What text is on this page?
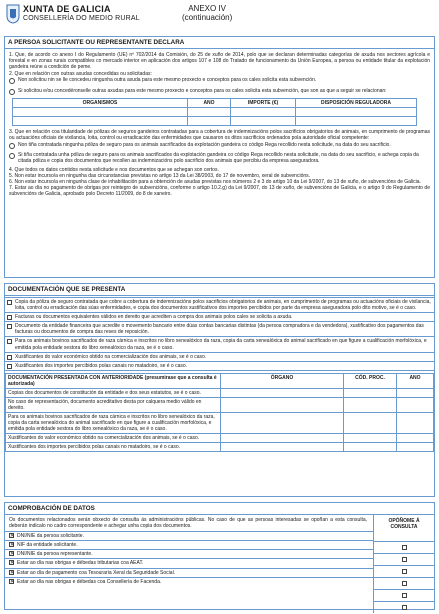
XUNTA DE GALICIA
CONSELLERÍA DO MEDIO RURAL
ANEXO IV
(continuación)
A PERSOA SOLICITANTE OU REPRESENTANTE DECLARA
1. Que, de acordo co anexo I do Regulamento (UE) nº 702/2014 da Comisión, do 25 de xuño de 2014, polo que se declaran determinadas categorías de axuda nos sectores agrícola e forestal e en zonas rurais compatibles co mercado interior en aplicación dos artigos 107 e 108 do Tratado de funcionamento da Unión Europea, a persoa ou entidade titular da explotación gandeira reúne a condición de peme.
2. Que en relación con outras axudas concedidas ou solicitadas:
Non solicitou nin se lle concedeu ningunha outra axuda para este mesmo proxecto e conceptos para os cales solicita esta subvención.
Si solicitou e/ou concedéronselle outras axudas para este mesmo proxecto e conceptos para os cales solicita esta subvención, que son as que a seguir se relacionan:
ORGANISMOS	ANO	IMPORTE (€)	DISPOSICIÓN REGULADORA

3. Que en relación coa titularidade de pólizas de seguros gandeiros contratadas para a cobertura de indemnizacións polos sacrificios obrigatorios de animais, en cumprimento de programas ou actuacións oficiais de vixilancia, loita, control ou erradicación das enfermidades que causaron os ditos sacrificios ordenados pola autoridade oficial competente:
Non tiña contratada ningunha póliza de seguro para os animais sacrificados da explotación gandeira co código Rega recollido nesta solicitude, na data do seu sacrificio.
Si tiña contratada unha póliza de seguro para os animais sacrificados da explotación gandeira co código Rega recollido nesta solicitude, na data do seu sacrificio, e achega copia da citada póliza e copia dos documentos que recollen as indemnizacións polo sacrificio dos animais que percibiu da empresa aseguradora.
4. Que todos os datos contidos nesta solicitude e nos documentos que se achegan son certos.
5. Non estar incurso/a en ningunha das circunstancias previstas no artigo 13 da Lei 38/2003, do 17 de novembro, xeral de subvencións.
6. Non estar incurso/a en ningunha clase de inhabilitación para a obtención de axudas previstas nos números 2 e 3 do artigo 10 da Lei 9/2007, do 13 de xuño, de subvencións de Galicia.
7. Estar ao día no pagamento de obrigas por reintegro de subvencións, conforme o artigo 10.2.g) da Lei 9/2007, do 13 de xuño, de subvencións de Galicia, e o artigo 9 do Regulamento de subvencións de Galicia, aprobado polo Decreto 11/2009, do 8 de xaneiro.
DOCUMENTACIÓN QUE SE PRESENTA
Copia da póliza de seguro contratada que cobre a cobertura de indemnizacións polos sacrificios obrigatorios de animais, en cumprimento de programas ou actuacións oficiais de vixilancia, loita, control ou erradicación das súas enfermidades, e copia dos documentos xustificativos dos importes percibidos por parte da empresa aseguradora polo dito motivo, se é o caso.

Facturas ou documentos equivalentes válidos en dereito que acrediten a compra dos animais polos cales se solicita a axuda.

Documento da entidade financeira que acredite o movemento bancario entre dúas contas bancarias distintas (da persoa compradora e da vendedora), xustificativo dos pagamentos das facturas ou documentos de compra das reses de reposición.

Para os animais bovinos sacrificados de raza cárnica e inscritos no libro xenealóxico da raza, copia da carta xenealóxica do animal sacrificado en que figure a cualificación morfolóxica, e emitida pola entidade xestora do libro xenealóxico da raza, se é o caso.

Xustificantes do valor económico obtido na comercialización dos animais, se é o caso.

Xustificantes dos importes percibidos polas canais no matadoiro, se é o caso.
DOCUMENTACIÓN PRESENTADA CON ANTERIORIDADE (presumirase que a consulta é autorizada)	ÓRGANO	CÓD. PROC.	ANO
Copias dos documentos de constitución da entidade e dos seus estatutos, se é o caso.			
No caso de representación, documento acreditativo desta por calquera medio válido en dereito.			
Para os animais bovinos sacrificados de raza cárnica e inscritos no libro xenealóxico da raza, copia da carta xenealóxica do animal sacrificado en que figure a cualificación morfolóxica, e emitida pola entidade xestora do libro xenealóxico da raza, se é o caso.			
Xustificantes do valor económico obtido na comercialización dos animais, se é o caso.			
Xustificantes dos importes percibidos polas canais no matadoiro, se é o caso.			
COMPROBACIÓN DE DATOS
Os documentos relacionados serán obxecto de consulta ás administracións públicas. No caso de que as persoas interesadas se opoñan a esta consulta, deberán indicalo no cadro correspondente e achegar unha copia dos documentos.
✕ DNI/NIE da persoa solicitante.
✕ NIF da entidade solicitante.
✕ DNI/NIE da persoa representante.
✕ Estar ao día nas obrigas e débedas tributarias coa AEAT.
✕ Estar ao día de pagamento coa Tesouraría Xeral da Seguridade Social.
✕ Estar ao día nas obrigas e débedas coa Consellería de Facenda.
OPÓÑOME Á CONSULTA
